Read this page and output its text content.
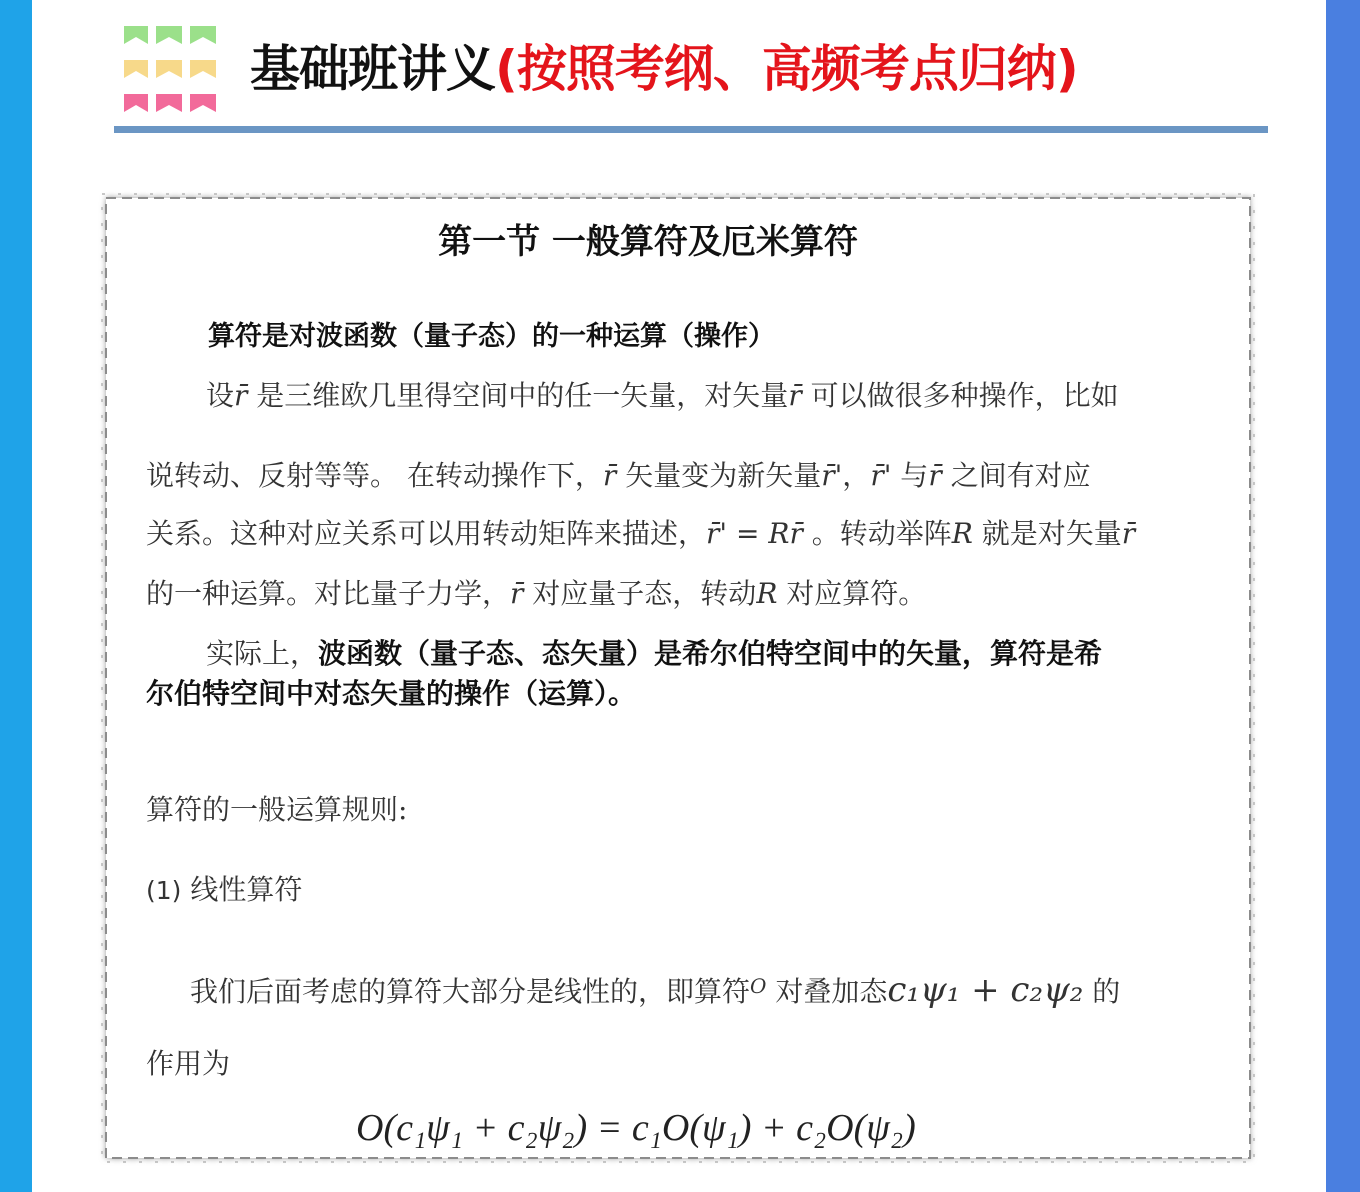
基础班讲义(按照考纲、高频考点归纳)
第一节 一般算符及厄米算符
算符是对波函数（量子态）的一种运算（操作）
设r̄ 是三维欧几里得空间中的任一矢量，对矢量r̄ 可以做很多种操作，比如
说转动、反射等等。 在转动操作下，r̄ 矢量变为新矢量r̄'，r̄' 与r̄ 之间有对应
关系。这种对应关系可以用转动矩阵来描述，r̄' = Rr̄ 。转动举阵R 就是对矢量r̄
的一种运算。对比量子力学，r̄ 对应量子态，转动R 对应算符。
实际上，波函数（量子态、态矢量）是希尔伯特空间中的矢量，算符是希
尔伯特空间中对态矢量的操作（运算）。
算符的一般运算规则:
(1) 线性算符
我们后面考虑的算符大部分是线性的，即算符$^O$ 对叠加态c₁ψ₁ + c₂ψ₂ 的
作用为
O(c₁ψ₁ + c₂ψ₂) = c₁O(ψ₁) + c₂O(ψ₂)
